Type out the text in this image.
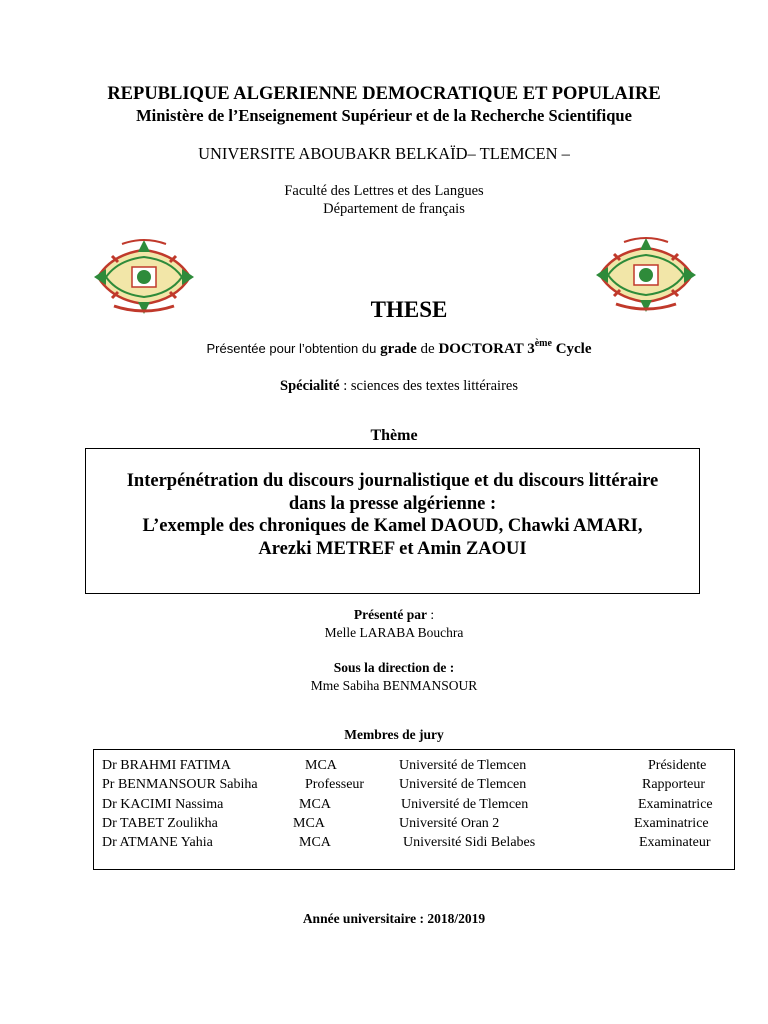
REPUBLIQUE ALGERIENNE DEMOCRATIQUE ET POPULAIRE
Ministère de l’Enseignement Supérieur et de la Recherche Scientifique
UNIVERSITE ABOUBAKR BELKAÏD– TLEMCEN –
Faculté des Lettres et des Langues
Département de français
THESE
Présentée pour l’obtention du grade de DOCTORAT 3ème Cycle
Spécialité : sciences des textes littéraires
Thème
Interpénétration du discours journalistique et du discours littéraire
dans la presse algérienne :
L’exemple des chroniques de Kamel DAOUD, Chawki AMARI,
Arezki METREF et Amin ZAOUI
Présenté par :
Melle LARABA Bouchra
Sous la direction de :
Mme Sabiha BENMANSOUR
Membres de jury
Dr BRAHMI FATIMA	MCA	Université de Tlemcen	Présidente
Pr BENMANSOUR Sabiha	Professeur Université de Tlemcen	Rapporteur
Dr KACIMI Nassima	MCA	Université de Tlemcen	Examinatrice
Dr TABET Zoulikha	MCA	Université Oran 2	Examinatrice
Dr ATMANE Yahia	MCA	Université Sidi Belabes	Examinateur
Année universitaire : 2018/2019
